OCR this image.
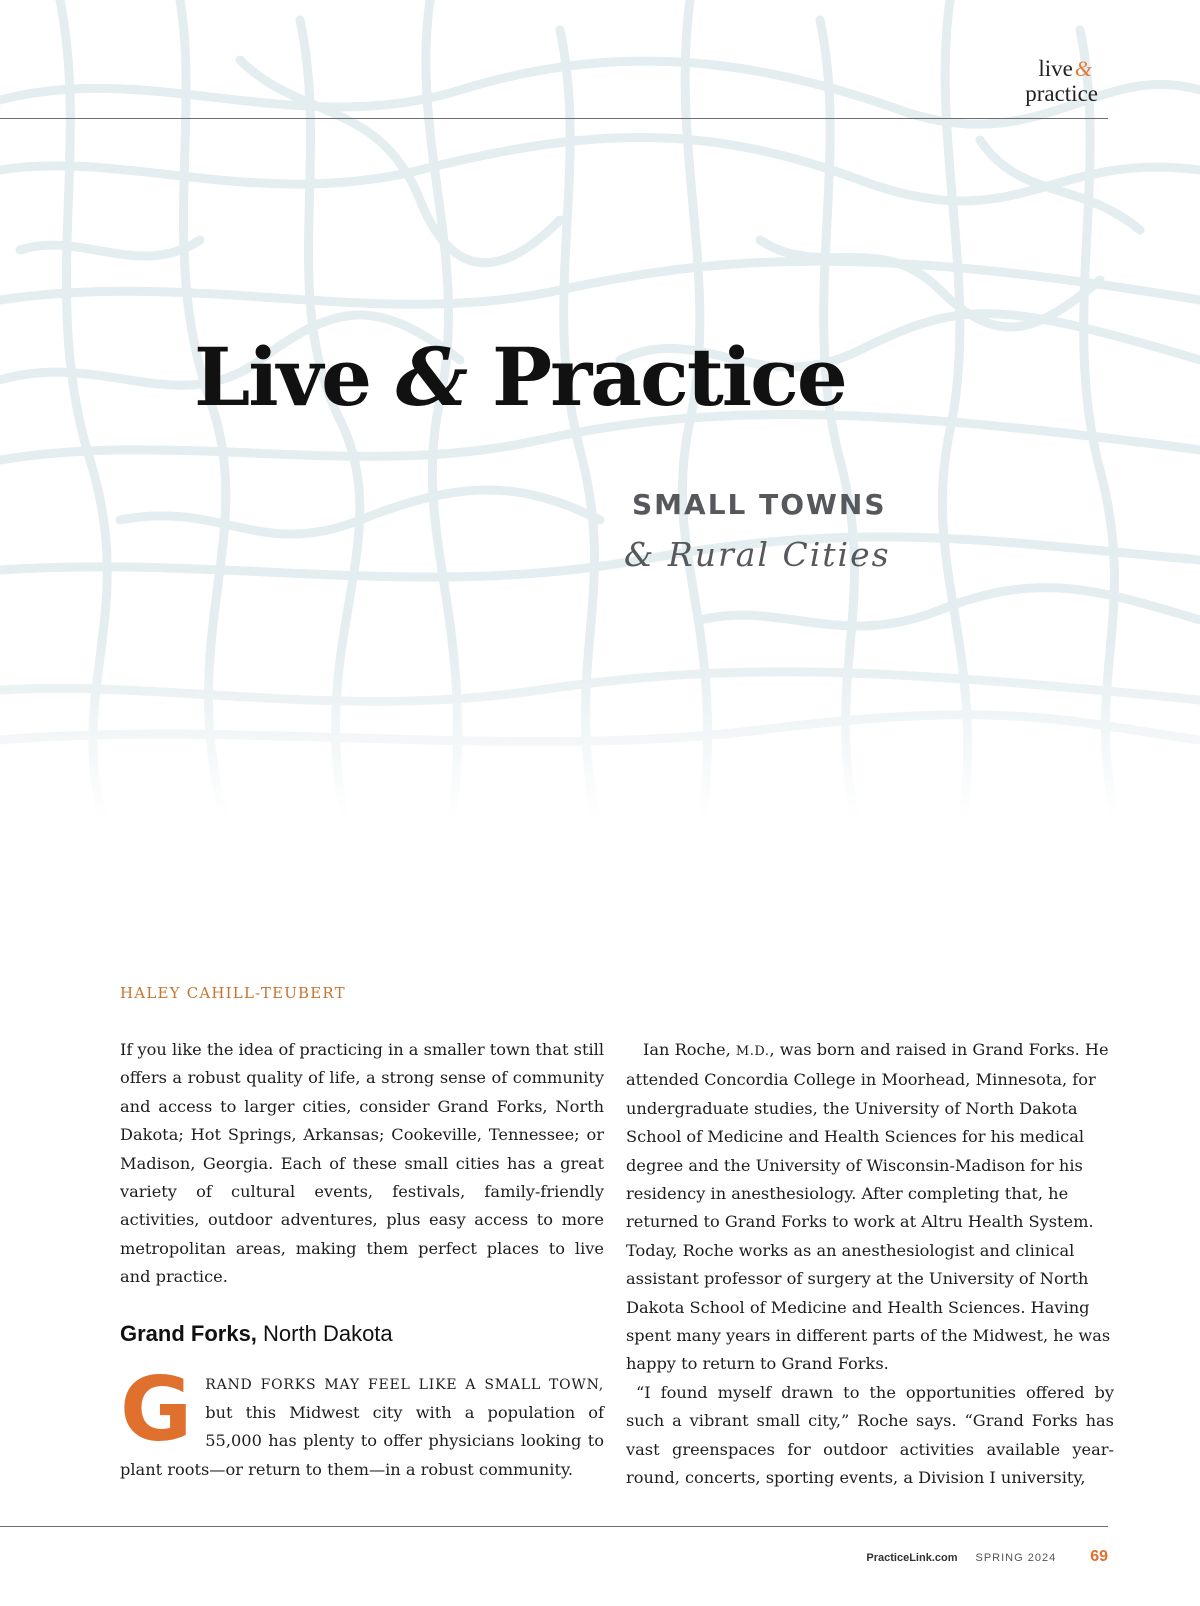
live&
practice
Live & Practice
SMALL TOWNS
& Rural Cities
HALEY CAHILL-TEUBERT

If you like the idea of practicing in a smaller town that still offers a robust quality of life, a strong sense of community and access to larger cities, consider Grand Forks, North Dakota; Hot Springs, Arkansas; Cookeville, Tennessee; or Madison, Georgia. Each of these small cities has a great variety of cultural events, festivals, family-friendly activities, outdoor adventures, plus easy access to more metropolitan areas, making them perfect places to live and practice.

Grand Forks, North Dakota

G RAND FORKS MAY FEEL LIKE A SMALL TOWN, but this Midwest city with a population of 55,000 has plenty to offer physicians looking to plant roots—or return to them—in a robust community.

Ian Roche, M.D., was born and raised in Grand Forks. He attended Concordia College in Moorhead, Minnesota, for undergraduate studies, the University of North Dakota School of Medicine and Health Sciences for his medical degree and the University of Wisconsin-Madison for his residency in anesthesiology. After completing that, he returned to Grand Forks to work at Altru Health System. Today, Roche works as an anesthesiologist and clinical assistant professor of surgery at the University of North Dakota School of Medicine and Health Sciences. Having spent many years in different parts of the Midwest, he was happy to return to Grand Forks.

“I found myself drawn to the opportunities offered by such a vibrant small city,” Roche says. “Grand Forks has vast greenspaces for outdoor activities available year-round, concerts, sporting events, a Division I university,

PracticeLink.com SPRING 2024 69
